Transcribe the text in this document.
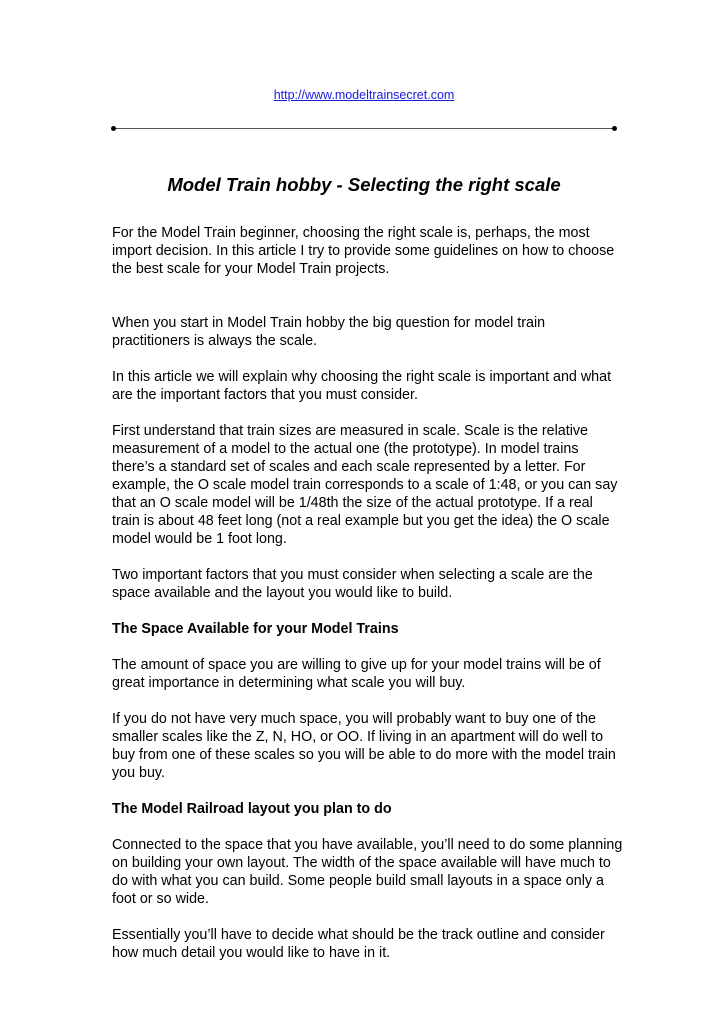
http://www.modeltrainsecret.com
Model Train hobby - Selecting the right scale

For the Model Train beginner, choosing the right scale is, perhaps, the most import decision. In this article I try to provide some guidelines on how to choose the best scale for your Model Train projects.

When you start in Model Train hobby the big question for model train practitioners is always the scale.

In this article we will explain why choosing the right scale is important and what are the important factors that you must consider.

First understand that train sizes are measured in scale. Scale is the relative measurement of a model to the actual one (the prototype). In model trains there’s a standard set of scales and each scale represented by a letter. For example, the O scale model train corresponds to a scale of 1:48, or you can say that an O scale model will be 1/48th the size of the actual prototype. If a real train is about 48 feet long (not a real example but you get the idea) the O scale model would be 1 foot long.

Two important factors that you must consider when selecting a scale are the space available and the layout you would like to build.

The Space Available for your Model Trains

The amount of space you are willing to give up for your model trains will be of great importance in determining what scale you will buy.

If you do not have very much space, you will probably want to buy one of the smaller scales like the Z, N, HO, or OO. If living in an apartment will do well to buy from one of these scales so you will be able to do more with the model train you buy.

The Model Railroad layout you plan to do

Connected to the space that you have available, you’ll need to do some planning on building your own layout. The width of the space available will have much to do with what you can build. Some people build small layouts in a space only a foot or so wide.

Essentially you’ll have to decide what should be the track outline and consider how much detail you would like to have in it.
